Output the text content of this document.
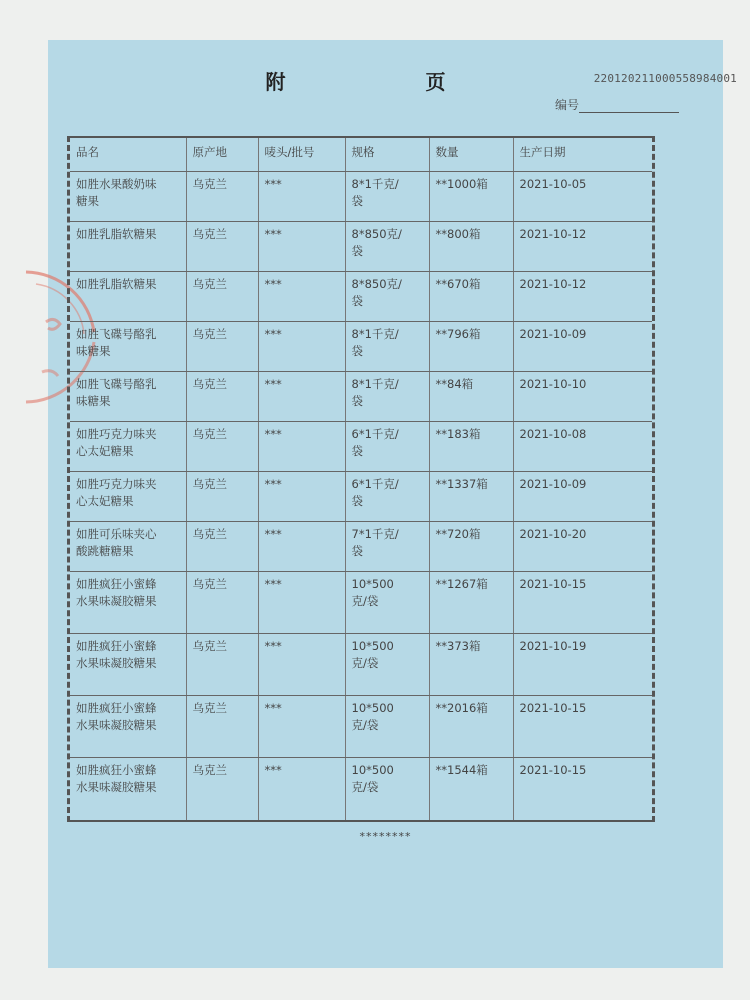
220120211000558984001
附　页
编号
品名	原产地	唛头/批号	规格	数量	生产日期
如胜水果酸奶味糖果	乌克兰	***	8*1千克/袋	**1000箱	2021-10-05
如胜乳脂软糖果	乌克兰	***	8*850克/袋	**800箱	2021-10-12
如胜乳脂软糖果	乌克兰	***	8*850克/袋	**670箱	2021-10-12
如胜飞碟号酪乳味糖果	乌克兰	***	8*1千克/袋	**796箱	2021-10-09
如胜飞碟号酪乳味糖果	乌克兰	***	8*1千克/袋	**84箱	2021-10-10
如胜巧克力味夹心太妃糖果	乌克兰	***	6*1千克/袋	**183箱	2021-10-08
如胜巧克力味夹心太妃糖果	乌克兰	***	6*1千克/袋	**1337箱	2021-10-09
如胜可乐味夹心酸跳糖糖果	乌克兰	***	7*1千克/袋	**720箱	2021-10-20
如胜疯狂小蜜蜂水果味凝胶糖果	乌克兰	***	10*500克/袋	**1267箱	2021-10-15
如胜疯狂小蜜蜂水果味凝胶糖果	乌克兰	***	10*500克/袋	**373箱	2021-10-19
如胜疯狂小蜜蜂水果味凝胶糖果	乌克兰	***	10*500克/袋	**2016箱	2021-10-15
如胜疯狂小蜜蜂水果味凝胶糖果	乌克兰	***	10*500克/袋	**1544箱	2021-10-15
********
